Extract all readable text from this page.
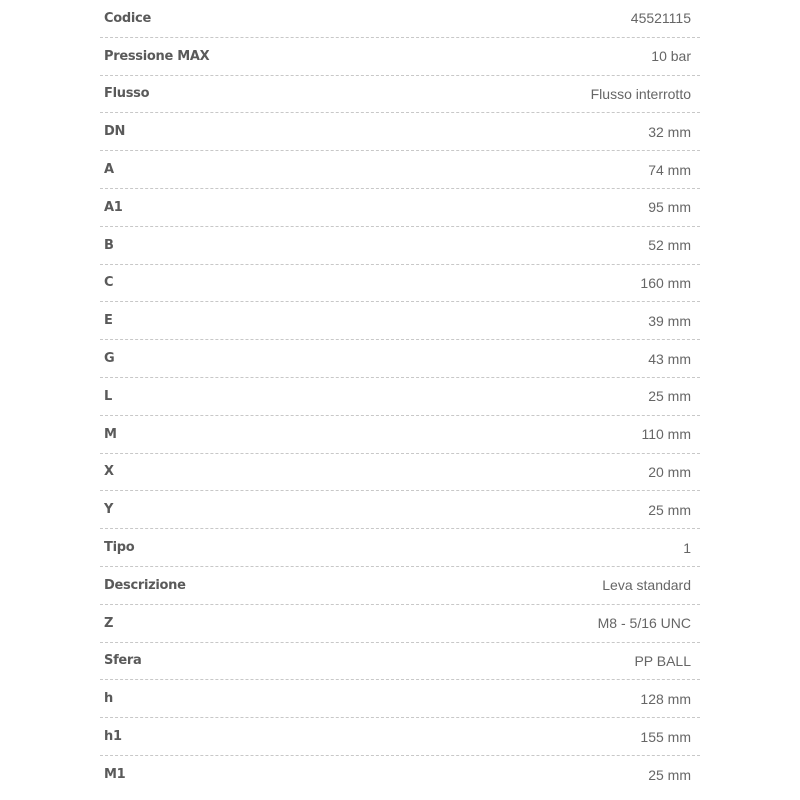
Codice	45521115
Pressione MAX	10 bar
Flusso	Flusso interrotto
DN	32 mm
A	74 mm
A1	95 mm
B	52 mm
C	160 mm
E	39 mm
G	43 mm
L	25 mm
M	110 mm
X	20 mm
Y	25 mm
Tipo	1
Descrizione	Leva standard
Z	M8 - 5/16 UNC
Sfera	PP BALL
h	128 mm
h1	155 mm
M1	25 mm
